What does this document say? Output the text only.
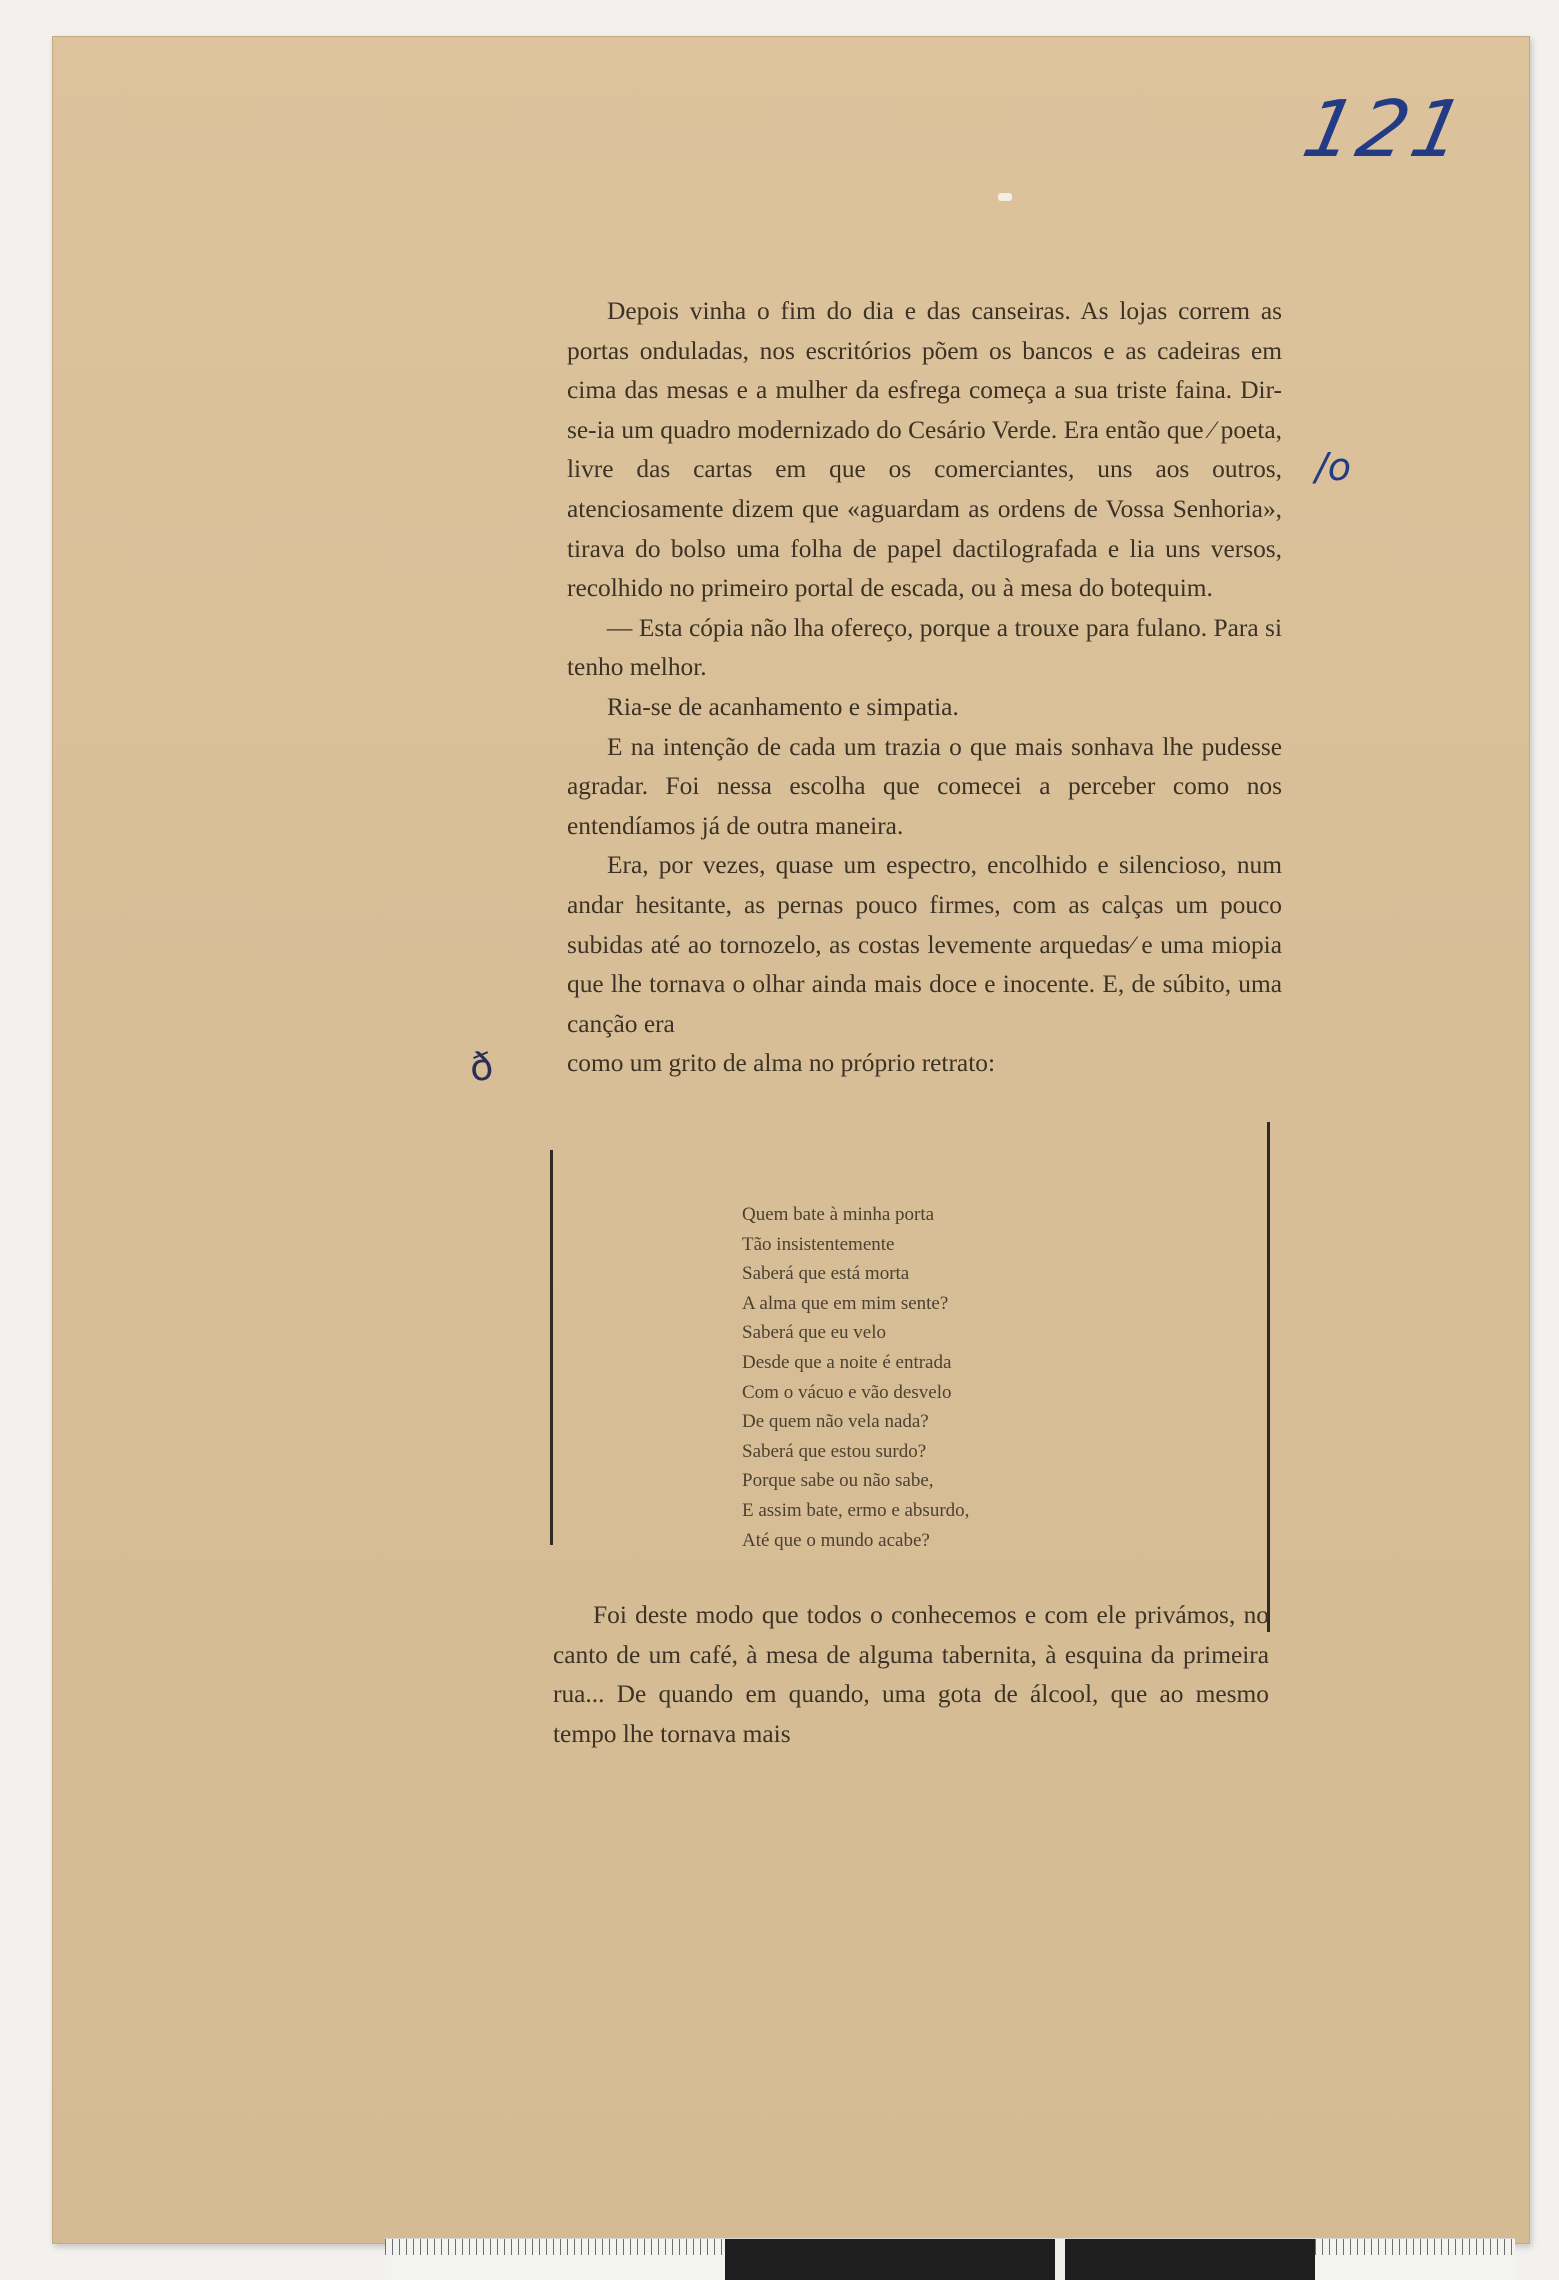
121
/o
ð

Depois vinha o fim do dia e das canseiras. As lojas correm as portas onduladas, nos escritórios põem os bancos e as cadeiras em cima das mesas e a mulher da esfrega começa a sua triste faina. Dir-se-ia um quadro modernizado do Cesário Verde. Era então que ⁄ poeta, livre das cartas em que os comerciantes, uns aos outros, atenciosamente dizem que «aguardam as ordens de Vossa Senhoria», tirava do bolso uma folha de papel dactilografada e lia uns versos, recolhido no primeiro portal de escada, ou à mesa do botequim.

— Esta cópia não lha ofereço, porque a trouxe para fulano. Para si tenho melhor.

Ria-se de acanhamento e simpatia.

E na intenção de cada um trazia o que mais sonhava lhe pudesse agradar. Foi nessa escolha que comecei a perceber como nos entendíamos já de outra maneira.

Era, por vezes, quase um espectro, encolhido e silencioso, num andar hesitante, as pernas pouco firmes, com as calças um pouco subidas até ao tornozelo, as costas levemente arquedas⁄ e uma miopia que lhe tornava o olhar ainda mais doce e inocente. E, de súbito, uma canção era

como um grito de alma no próprio retrato:

Quem bate à minha porta
Tão insistentemente
Saberá que está morta
A alma que em mim sente?
Saberá que eu velo
Desde que a noite é entrada
Com o vácuo e vão desvelo
De quem não vela nada?
Saberá que estou surdo?
Porque sabe ou não sabe,
E assim bate, ermo e absurdo,
Até que o mundo acabe?

Foi deste modo que todos o conhecemos e com ele privámos, no canto de um café, à mesa de alguma tabernita, à esquina da primeira rua... De quando em quando, uma gota de álcool, que ao mesmo tempo lhe tornava mais
